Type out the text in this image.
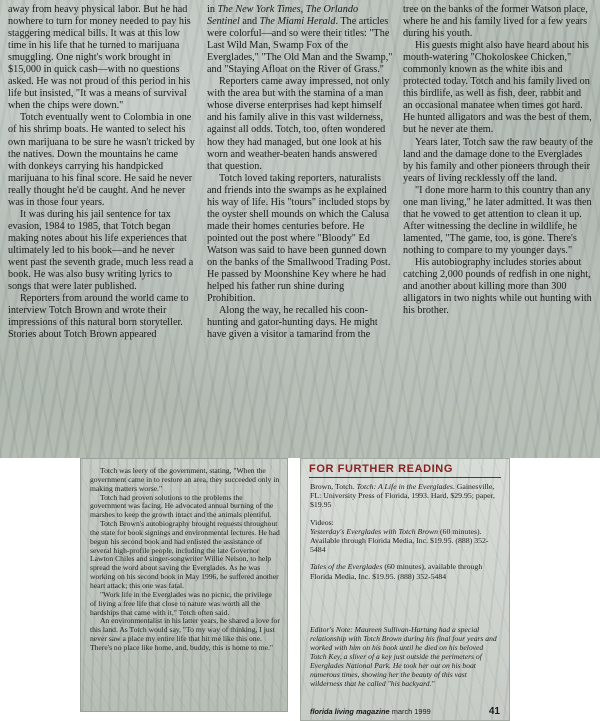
away from heavy physical labor. But he had nowhere to turn for money needed to pay his staggering medical bills. It was at this low time in his life that he turned to marijuana smuggling. One night's work brought in $15,000 in quick cash—with no questions asked. He was not proud of this period in his life but insisted, "It was a means of survival when the chips were down."

Totch eventually went to Colombia in one of his shrimp boats. He wanted to select his own marijuana to be sure he wasn't tricked by the natives. Down the mountains he came with donkeys carrying his handpicked marijuana to his final score. He said he never really thought he'd be caught. And he never was in those four years.

It was during his jail sentence for tax evasion, 1984 to 1985, that Totch began making notes about his life experiences that ultimately led to his book—and he never went past the seventh grade, much less read a book. He was also busy writing lyrics to songs that were later published.

Reporters from around the world came to interview Totch Brown and wrote their impressions of this natural born storyteller. Stories about Totch Brown appeared

in The New York Times, The Orlando Sentinel and The Miami Herald. The articles were colorful—and so were their titles: "The Last Wild Man, Swamp Fox of the Everglades," "The Old Man and the Swamp," and "Staying Afloat on the River of Grass."

Reporters came away impressed, not only with the area but with the stamina of a man whose diverse enterprises had kept himself and his family alive in this vast wilderness, against all odds. Totch, too, often wondered how they had managed, but one look at his worn and weather-beaten hands answered that question.

Totch loved taking reporters, naturalists and friends into the swamps as he explained his way of life. His "tours" included stops by the oyster shell mounds on which the Calusa made their homes centuries before. He pointed out the post where "Bloody" Ed Watson was said to have been gunned down on the banks of the Smallwood Trading Post. He passed by Moonshine Key where he had helped his father run shine during Prohibition.

Along the way, he recalled his coon-hunting and gator-hunting days. He might have given a visitor a tamarind from the

tree on the banks of the former Watson place, where he and his family lived for a few years during his youth.

His guests might also have heard about his mouth-watering "Chokoloskee Chicken," commonly known as the white ibis and protected today. Totch and his family lived on this birdlife, as well as fish, deer, rabbit and an occasional manatee when times got hard. He hunted alligators and was the best of them, but he never ate them.

Years later, Totch saw the raw beauty of the land and the damage done to the Everglades by his family and other pioneers through their years of living recklessly off the land.

"I done more harm to this country than any one man living," he later admitted. It was then that he vowed to get attention to clean it up. After witnessing the decline in wildlife, he lamented, "The game, too, is gone. There's nothing to compare to my younger days."

His autobiography includes stories about catching 2,000 pounds of redfish in one night, and another about killing more than 300 alligators in two nights while out hunting with his brother.

Totch was leery of the government, stating, "When the government came in to restore an area, they succeeded only in making matters worse."

Totch had proven solutions to the problems the government was facing. He advocated annual burning of the marshes to keep the growth intact and the animals plentiful.

Totch Brown's autobiography brought requests throughout the state for book signings and environmental lectures. He had begun his second book and had enlisted the assistance of several high-profile people, including the late Governor Lawton Chiles and singer-songwriter Willie Nelson, to help spread the word about saving the Everglades. As he was working on his second book in May 1996, he suffered another heart attack; this one was fatal.

"Work life in the Everglades was no picnic, the privilege of living a free life that close to nature was worth all the hardships that came with it," Totch often said.

An environmentalist in his latter years, he shared a love for this land. As Totch would say, "To my way of thinking, I just never saw a place my entire life that hit me like this one. There's no place like home, and, buddy, this is home to me."

FOR FURTHER READING

Brown, Totch. Totch: A Life in the Everglades. Gainesville, FL: University Press of Florida, 1993. Hard, $29.95; paper, $19.95

Videos:

Yesterday's Everglades with Totch Brown (60 minutes). Available through Florida Media, Inc. $19.95. (888) 352-5484

Tales of the Everglades (60 minutes), available through Florida Media, Inc. $19.95. (888) 352-5484

Editor's Note: Maureen Sullivan-Hartung had a special relationship with Totch Brown during his final four years and worked with him on his book until he died on his beloved Totch Key, a sliver of a key just outside the perimeters of Everglades National Park. He took her out on his boat numerous times, showing her the beauty of this vast wilderness that he called "his backyard."

florida living magazine march 1999	41
